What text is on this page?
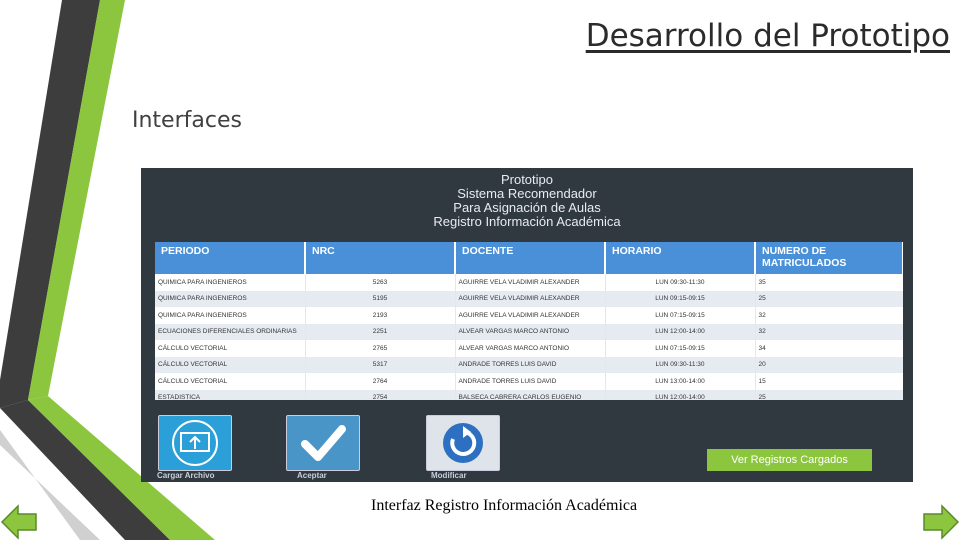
Desarrollo del Prototipo
Interfaces
Prototipo
Sistema Recomendador
Para Asignación de Aulas
Registro Información Académica
PERIODO	NRC	DOCENTE	HORARIO	NUMERO DE MATRICULADOS
QUIMICA PARA INGENIEROS	5263	AGUIRRE VELA VLADIMIR ALEXANDER	LUN 09:30-11:30	35
QUIMICA PARA INGENIEROS	5195	AGUIRRE VELA VLADIMIR ALEXANDER	LUN 09:15-09:15	25
QUIMICA PARA INGENIEROS	2193	AGUIRRE VELA VLADIMIR ALEXANDER	LUN 07:15-09:15	32
ECUACIONES DIFERENCIALES ORDINARIAS	2251	ALVEAR VARGAS MARCO ANTONIO	LUN 12:00-14:00	32
CÁLCULO VECTORIAL	2765	ALVEAR VARGAS MARCO ANTONIO	LUN 07:15-09:15	34
CÁLCULO VECTORIAL	5317	ANDRADE TORRES LUIS DAVID	LUN 09:30-11:30	20
CÁLCULO VECTORIAL	2764	ANDRADE TORRES LUIS DAVID	LUN 13:00-14:00	15
ESTADISTICA	2754	BALSECA CABRERA CARLOS EUGENIO	LUN 12:00-14:00	25
Cargar Archivo	Aceptar	Modificar
Ver Registros Cargados
Interfaz Registro Información Académica
